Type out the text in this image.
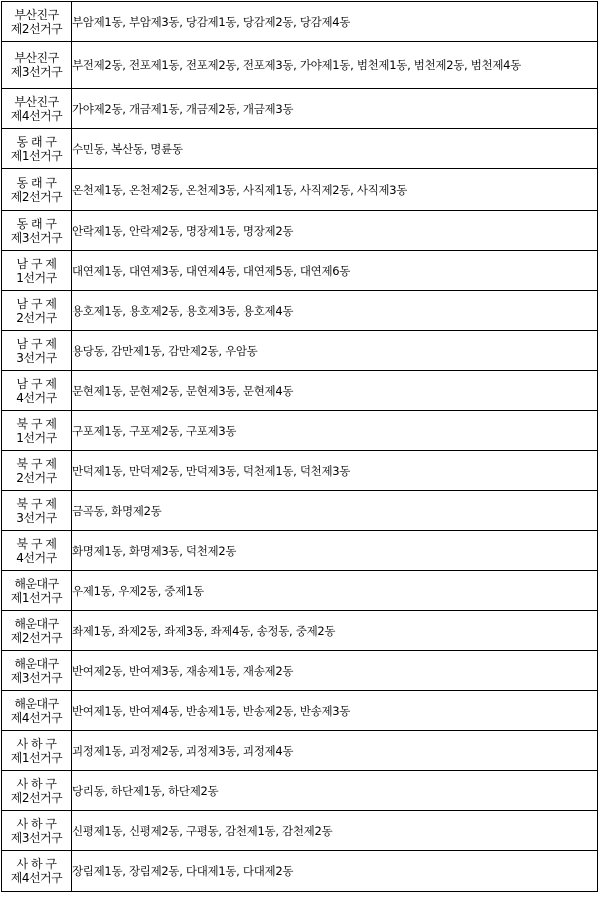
부산진구
제2선거구	부암제1동, 부암제3동, 당감제1동, 당감제2동, 당감제4동

부산진구
제3선거구	부전제2동, 전포제1동, 전포제2동, 전포제3동, 가야제1동, 범천제1동, 범천제2동, 범천제4동

부산진구
제4선거구	가야제2동, 개금제1동, 개금제2동, 개금제3동

동 래 구
제1선거구	수민동, 복산동, 명륜동

동 래 구
제2선거구	온천제1동, 온천제2동, 온천제3동, 사직제1동, 사직제2동, 사직제3동

동 래 구
제3선거구	안락제1동, 안락제2동, 명장제1동, 명장제2동

남 구 제
1선거구	대연제1동, 대연제3동, 대연제4동, 대연제5동, 대연제6동

남 구 제
2선거구	용호제1동, 용호제2동, 용호제3동, 용호제4동

남 구 제
3선거구	용당동, 감만제1동, 감만제2동, 우암동

남 구 제
4선거구	문현제1동, 문현제2동, 문현제3동, 문현제4동

북 구 제
1선거구	구포제1동, 구포제2동, 구포제3동

북 구 제
2선거구	만덕제1동, 만덕제2동, 만덕제3동, 덕천제1동, 덕천제3동

북 구 제
3선거구	금곡동, 화명제2동

북 구 제
4선거구	화명제1동, 화명제3동, 덕천제2동

해운대구
제1선거구	우제1동, 우제2동, 중제1동

해운대구
제2선거구	좌제1동, 좌제2동, 좌제3동, 좌제4동, 송정동, 중제2동

해운대구
제3선거구	반여제2동, 반여제3동, 재송제1동, 재송제2동

해운대구
제4선거구	반여제1동, 반여제4동, 반송제1동, 반송제2동, 반송제3동

사 하 구
제1선거구	괴정제1동, 괴정제2동, 괴정제3동, 괴정제4동

사 하 구
제2선거구	당리동, 하단제1동, 하단제2동

사 하 구
제3선거구	신평제1동, 신평제2동, 구평동, 감천제1동, 감천제2동

사 하 구
제4선거구	장림제1동, 장림제2동, 다대제1동, 다대제2동
